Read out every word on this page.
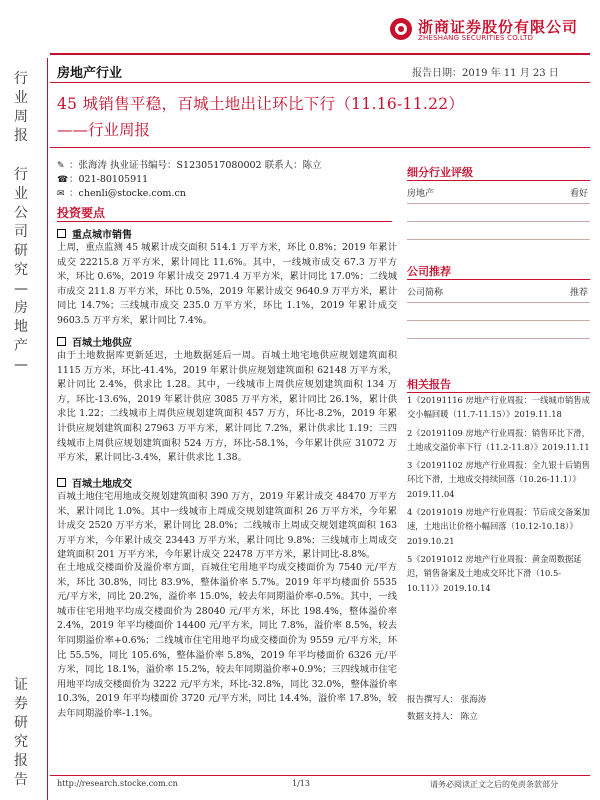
浙商证券股份有限公司
ZHESHANG SECURITIES CO.LTD
行业周报
行业公司研究—房地产—
证券研究报告
房地产行业	报告日期：2019 年 11 月 23 日
45 城销售平稳，百城土地出让环比下行（11.16-11.22）
——行业周报
✎ ：张海涛 执业证书编号：S1230517080002 联系人：陈立
☎：021-80105911
✉ ：chenli@stocke.com.cn
投资要点
重点城市销售
上周，重点监测 45 城累计成交面积 514.1 万平方米，环比 0.8%；2019 年累计成交 22215.8 万平方米，累计同比 11.6%。其中，一线城市成交 67.3 万平方米，环比 0.6%，2019 年累计成交 2971.4 万平方米，累计同比 17.0%；二线城市成交 211.8 万平方米，环比 0.5%，2019 年累计成交 9640.9 万平方米，累计同比 14.7%；三线城市成交 235.0 万平方米，环比 1.1%，2019 年累计成交 9603.5 万平方米，累计同比 7.4%。
百城土地供应
由于土地数据库更新延迟，土地数据延后一周。百城土地宅地供应规划建筑面积 1115 万方米，环比-41.4%，2019 年累计供应规划建筑面积 62148 万平方米，累计同比 2.4%，供求比 1.28。其中，一线城市上周供应规划建筑面积 134 万方，环比-13.6%，2019 年累计供应 3085 万平方米，累计同比 26.1%，累计供求比 1.22；二线城市上周供应规划建筑面积 457 万方，环比-8.2%，2019 年累计供应规划建筑面积 27963 万平方米，累计同比 7.2%，累计供求比 1.19；三四线城市上周供应规划建筑面积 524 万方，环比-58.1%，今年累计供应 31072 万平方米，累计同比-3.4%，累计供求比 1.38。
百城土地成交
百城土地住宅用地成交规划建筑面积 390 万方，2019 年累计成交 48470 万平方米，累计同比 1.0%。其中一线城市上周成交规划建筑面积 26 万平方米，今年累计成交 2520 万平方米，累计同比 28.0%；二线城市上周成交规划建筑面积 163 万平方米，今年累计成交 23443 万平方米，累计同比 9.8%；三线城市上周成交建筑面积 201 万平方米，今年累计成交 22478 万平方米，累计同比-8.8%。
在土地成交楼面价及溢价率方面，百城住宅用地平均成交楼面价为 7540 元/平方米，环比 30.8%，同比 83.9%，整体溢价率 5.7%。2019 年平均楼面价 5535 元/平方米，同比 20.2%，溢价率 15.0%，较去年同期溢价率-0.5%。其中，一线城市住宅用地平均成交楼面价为 28040 元/平方米，环比 198.4%，整体溢价率 2.4%，2019 年平均楼面价 14400 元/平方米，同比 7.8%，溢价率 8.5%，较去年同期溢价率+0.6%；二线城市住宅用地平均成交楼面价为 9559 元/平方米，环比 55.5%，同比 105.6%，整体溢价率 5.8%，2019 年平均楼面价 6326 元/平方米，同比 18.1%，溢价率 15.2%，较去年同期溢价率+0.9%；三四线城市住宅用地平均成交楼面价为 3222 元/平方米，环比-32.8%，同比 32.0%，整体溢价率 10.3%，2019 年平均楼面价 3720 元/平方米，同比 14.4%，溢价率 17.8%，较去年同期溢价率-1.1%。
细分行业评级
房地产	看好
公司推荐
公司简称	推荐
相关报告
1《20191116 房地产行业周报：一线城市销售成交小幅回暖（11.7-11.15）》2019.11.18
2《20191109 房地产行业周报：销售环比下滑，土地成交溢价率下行（11.2-11.8）》2019.11.11
3《20191102 房地产行业周报：全九银十后销售环比下滑，土地成交持续回落（10.26-11.1）》2019.11.04
4《20191019 房地产行业周报：节后成交备案加速，土地出让价格小幅回落（10.12-10.18）》2019.10.21
5《20191012 房地产行业周报：黄金周数据延迟，销售备案及土地成交环比下滑（10.5-10.11）》2019.10.14
报告撰写人： 张海涛
数据支持人： 陈立
http://research.stocke.com.cn	1/13	请务必阅读正文之后的免责条款部分
